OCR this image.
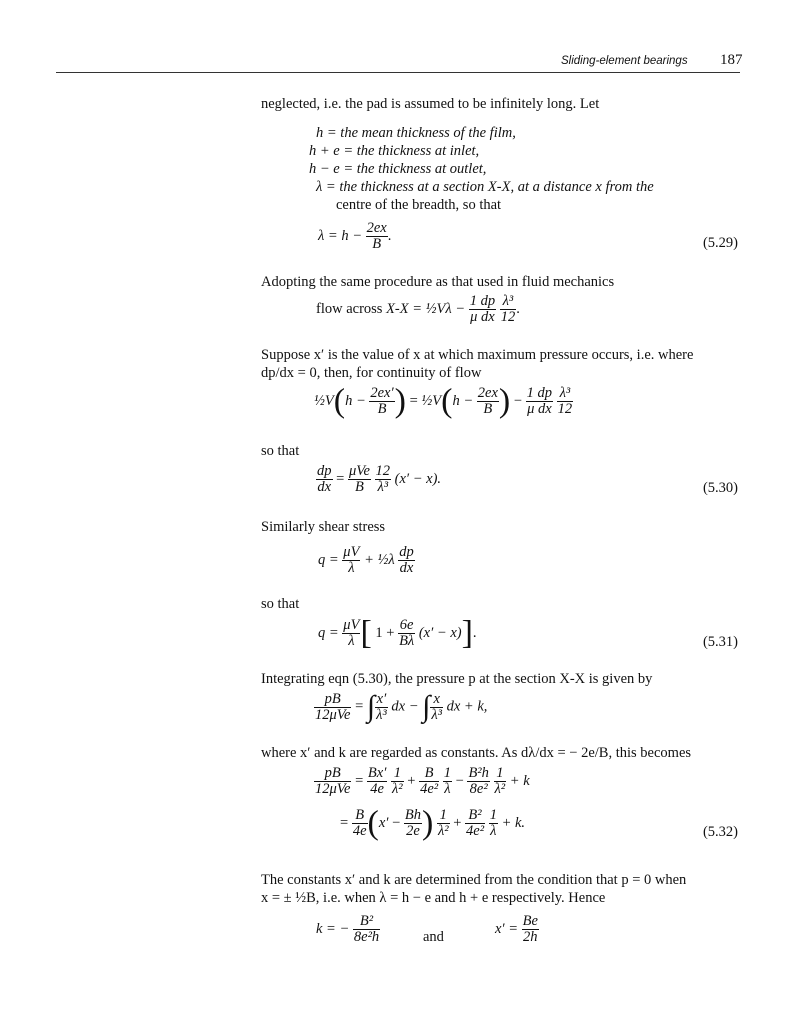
Sliding-element bearings 187
neglected, i.e. the pad is assumed to be infinitely long. Let
h = the mean thickness of the film,
h + e = the thickness at inlet,
h − e = the thickness at outlet,
λ = the thickness at a section X-X, at a distance x from the
centre of the breadth, so that
$\lambda = h - \frac{2ex}{B}$ .	(5.29)
Adopting the same procedure as that used in fluid mechanics
flow across X-X = ½Vλ − $\frac{1 dp}{\text{μ dx}}$
$\frac{\text{λ³}}{12}$ .
Suppose x′ is the value of x at which maximum pressure occurs, i.e. where
dp/dx = 0, then, for continuity of flow
½V(h − $\frac{2ex'}{B}$ ) = ½V(h − $\frac{2ex}{B}$ ) − $\frac{1 dp}{\text{μ dx}}$
$\frac{\text{λ³}}{12}$
so that
$\frac{dp}{dx} = \frac{\text{μVe}}{B}$
$\frac{12}{\text{λ³}} (x' - x)$.
(5.30)
Similarly shear stress
$q = \frac{\mu V}{\lambda}$ + ½λ $\frac{dp}{dx}$
so that
$q = \frac{\mu V}{\lambda}$ [ $1 + \frac{6e}{B\lambda} (x' - x)$].
(5.31)
Integrating eqn (5.30), the pressure p at the section X-X is given by
$\frac{pB}{\text{12μVe}}$ = ∫ $\frac{x'}{\text{λ³}}$ dx − ∫ $\frac{x}{\text{λ³}}$ dx + k,
where x′ and k are regarded as constants. As dλ/dx = − 2e/B, this becomes
$\frac{pB}{\text{12μVe}} = \frac{Bx'}{4e}$
$\frac{1}{\text{λ²}} + \frac{B}{\text{4e²}}$
$\frac{1}{\lambda} - \frac{\text{B²h}}{\text{8e²}}$
$\frac{1}{\text{λ²}} + k$
= $\frac{B}{4e} (x' - \frac{Bh}{2e}$ ) $\frac{1}{\text{λ²}} + \frac{\text{B²}}{\text{4e²}}$
$\frac{1}{\lambda} + k$.
(5.32)
The constants x′ and k are determined from the condition that p = 0 when
x = ± ½B, i.e. when λ = h − e and h + e respectively. Hence
k = − $\frac{\text{B²}}{\text{8e²h}}$	and
$x' = \frac{Be}{2h}$
